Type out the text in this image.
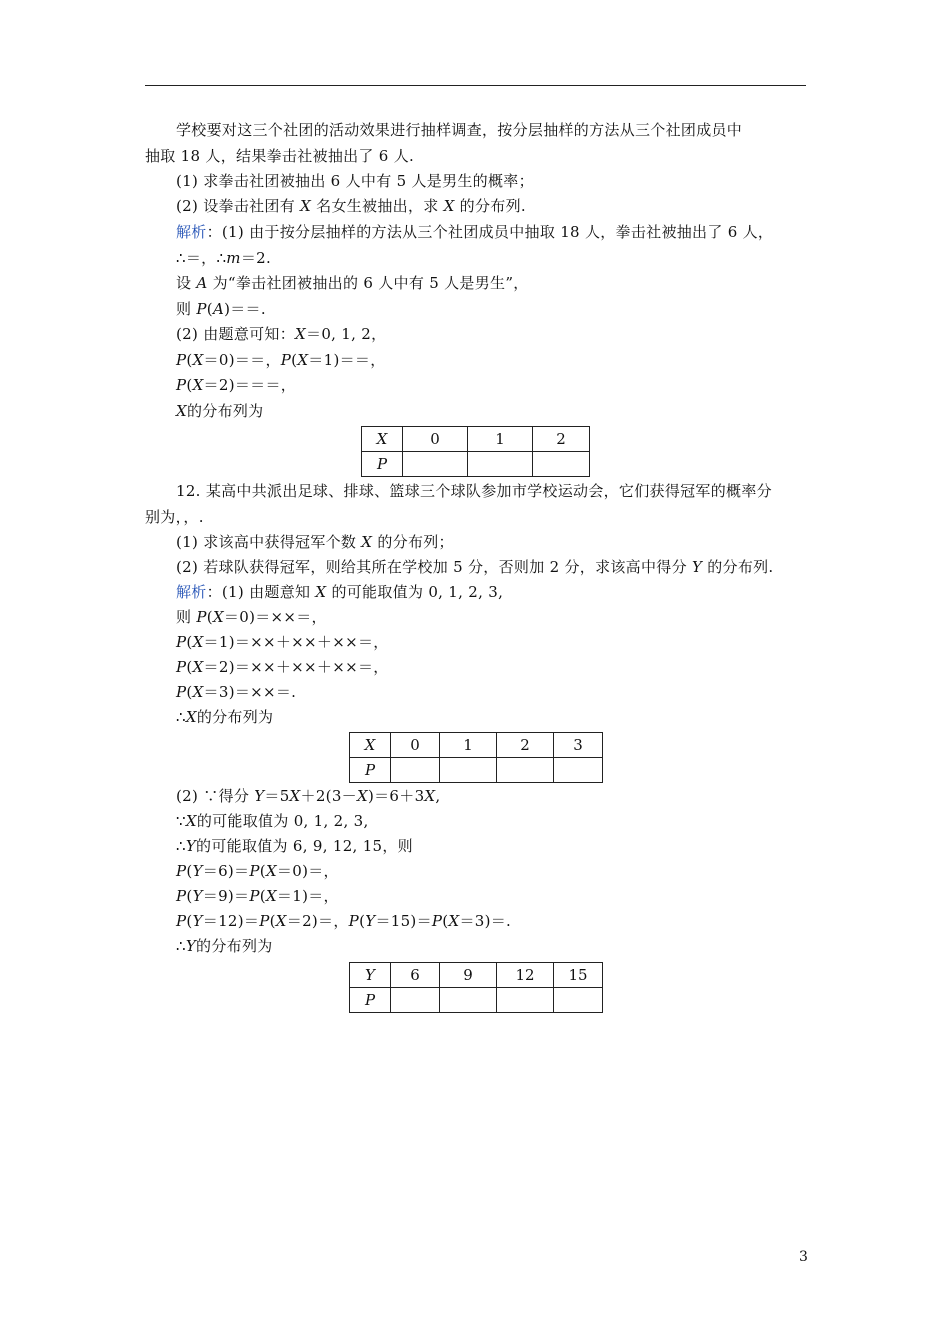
学校要对这三个社团的活动效果进行抽样调查，按分层抽样的方法从三个社团成员中
抽取 18 人，结果拳击社被抽出了 6 人.
(1) 求拳击社团被抽出 6 人中有 5 人是男生的概率；
(2) 设拳击社团有 X 名女生被抽出，求 X 的分布列.
解析：(1) 由于按分层抽样的方法从三个社团成员中抽取 18 人，拳击社被抽出了 6 人，
∴＝，∴m＝2.
设 A 为“拳击社团被抽出的 6 人中有 5 人是男生”，
则 P(A)＝＝.
(2) 由题意可知：X＝0, 1, 2，
P(X＝0)＝＝，P(X＝1)＝＝，
P(X＝2)＝＝＝，
X的分布列为
X	0	1	2
P			
12. 某高中共派出足球、排球、篮球三个球队参加市学校运动会，它们获得冠军的概率分
别为，，.
(1) 求该高中获得冠军个数 X 的分布列；
(2) 若球队获得冠军，则给其所在学校加 5 分，否则加 2 分，求该高中得分 Y 的分布列.
解析：(1) 由题意知 X 的可能取值为 0, 1, 2, 3,
则 P(X＝0)＝××＝，
P(X＝1)＝××＋××＋××＝，
P(X＝2)＝××＋××＋××＝，
P(X＝3)＝××＝.
∴X的分布列为
X	0	1	2	3
P				
(2) ∵得分 Y＝5X＋2(3－X)＝6＋3X,
∵X的可能取值为 0, 1, 2, 3,
∴Y的可能取值为 6, 9, 12, 15，则
P(Y＝6)＝P(X＝0)＝，
P(Y＝9)＝P(X＝1)＝，
P(Y＝12)＝P(X＝2)＝，P(Y＝15)＝P(X＝3)＝.
∴Y的分布列为
Y	6	9	12	15
P				
3
